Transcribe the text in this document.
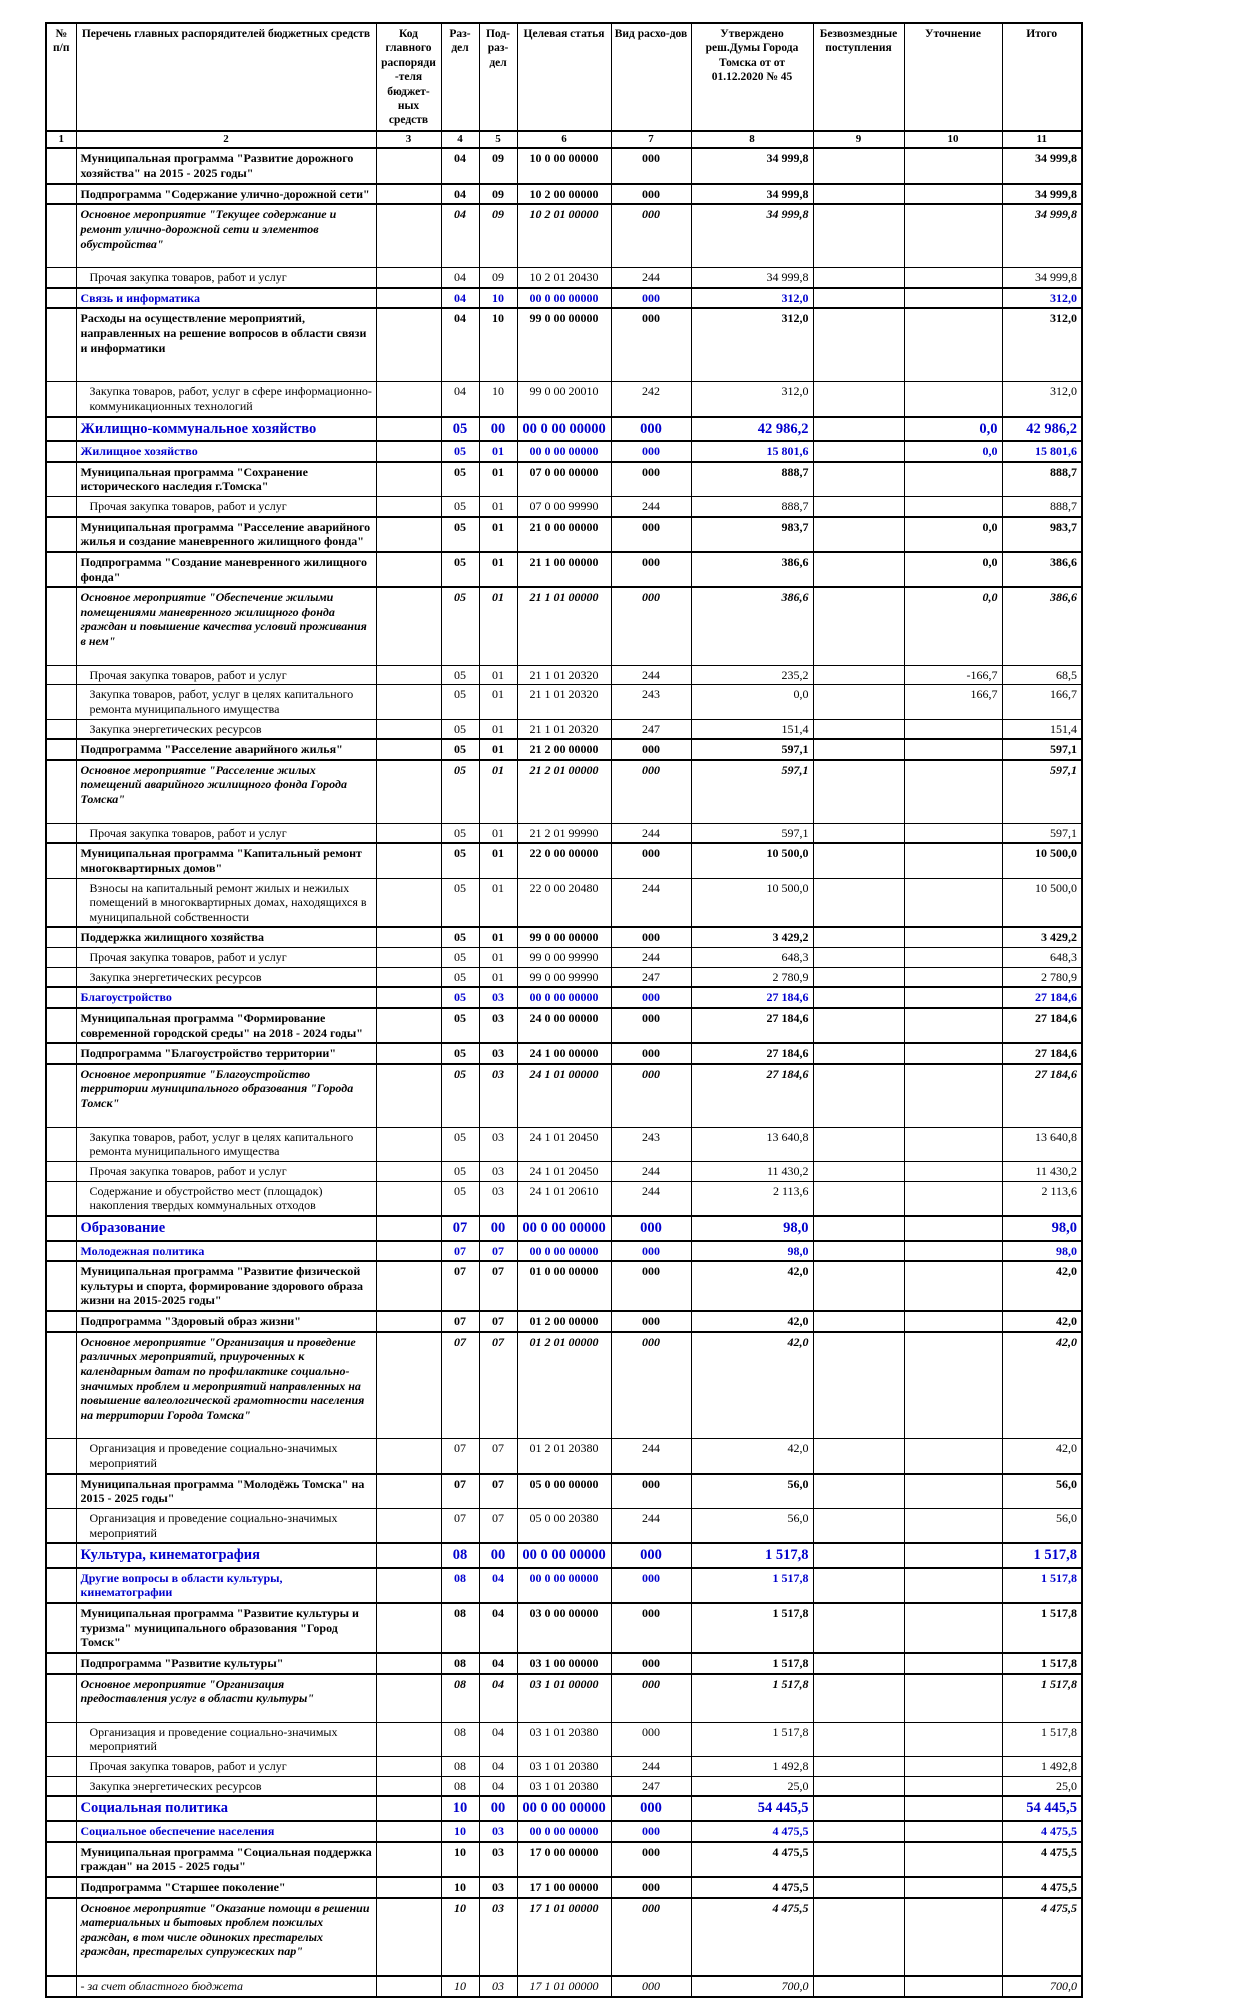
№ п/п	Перечень главных распорядителей бюджетных средств	Код главного распоряди-теля бюджет-ных средств	Раз-дел	Под-раз-дел	Целевая статья	Вид расхо-дов	Утверждено реш.Думы Города Томска от от 01.12.2020 № 45	Безвозмездные поступления	Уточнение	Итого
1	2	3	4	5	6	7	8	9	10	11
	Муниципальная программа "Развитие дорожного хозяйства" на 2015 - 2025 годы"		04	09	10 0 00 00000	000	34 999,8			34 999,8
	Подпрограмма "Содержание улично-дорожной сети"		04	09	10 2 00 00000	000	34 999,8			34 999,8
	Основное мероприятие "Текущее содержание и ремонт улично-дорожной сети и элементов обустройства"		04	09	10 2 01 00000	000	34 999,8			34 999,8
	Прочая закупка товаров, работ и услуг		04	09	10 2 01 20430	244	34 999,8			34 999,8
	Связь и информатика		04	10	00 0 00 00000	000	312,0			312,0
	Расходы на осуществление мероприятий, направленных на решение вопросов в области связи и информатики		04	10	99 0 00 00000	000	312,0			312,0
	Закупка товаров, работ, услуг в сфере информационно-коммуникационных технологий		04	10	99 0 00 20010	242	312,0			312,0
	Жилищно-коммунальное хозяйство		05	00	00 0 00 00000	000	42 986,2		0,0	42 986,2
	Жилищное хозяйство		05	01	00 0 00 00000	000	15 801,6		0,0	15 801,6
	Муниципальная программа "Сохранение исторического наследия г.Томска"		05	01	07 0 00 00000	000	888,7			888,7
	Прочая закупка товаров, работ и услуг		05	01	07 0 00 99990	244	888,7			888,7
	Муниципальная программа "Расселение аварийного жилья и создание маневренного жилищного фонда"		05	01	21 0 00 00000	000	983,7		0,0	983,7
	Подпрограмма "Создание маневренного жилищного фонда"		05	01	21 1 00 00000	000	386,6		0,0	386,6
	Основное мероприятие "Обеспечение жилыми помещениями маневренного жилищного фонда граждан и повышение качества условий проживания в нем"		05	01	21 1 01 00000	000	386,6		0,0	386,6
	Прочая закупка товаров, работ и услуг		05	01	21 1 01 20320	244	235,2		-166,7	68,5
	Закупка товаров, работ, услуг в целях капитального ремонта муниципального имущества		05	01	21 1 01 20320	243	0,0		166,7	166,7
	Закупка энергетических ресурсов		05	01	21 1 01 20320	247	151,4			151,4
	Подпрограмма "Расселение аварийного жилья"		05	01	21 2 00 00000	000	597,1			597,1
	Основное мероприятие "Расселение жилых помещений аварийного жилищного фонда Города Томска"		05	01	21 2 01 00000	000	597,1			597,1
	Прочая закупка товаров, работ и услуг		05	01	21 2 01 99990	244	597,1			597,1
	Муниципальная программа "Капитальный ремонт многоквартирных домов"		05	01	22 0 00 00000	000	10 500,0			10 500,0
	Взносы на капитальный ремонт жилых и нежилых помещений в многоквартирных домах, находящихся в муниципальной собственности		05	01	22 0 00 20480	244	10 500,0			10 500,0
	Поддержка жилищного хозяйства		05	01	99 0 00 00000	000	3 429,2			3 429,2
	Прочая закупка товаров, работ и услуг		05	01	99 0 00 99990	244	648,3			648,3
	Закупка энергетических ресурсов		05	01	99 0 00 99990	247	2 780,9			2 780,9
	Благоустройство		05	03	00 0 00 00000	000	27 184,6			27 184,6
	Муниципальная программа "Формирование современной городской среды" на 2018 - 2024 годы"		05	03	24 0 00 00000	000	27 184,6			27 184,6
	Подпрограмма "Благоустройство территории"		05	03	24 1 00 00000	000	27 184,6			27 184,6
	Основное мероприятие "Благоустройство территории муниципального образования "Города Томск"		05	03	24 1 01 00000	000	27 184,6			27 184,6
	Закупка товаров, работ, услуг в целях капитального ремонта муниципального имущества		05	03	24 1 01 20450	243	13 640,8			13 640,8
	Прочая закупка товаров, работ и услуг		05	03	24 1 01 20450	244	11 430,2			11 430,2
	Содержание и обустройство мест (площадок) накопления твердых коммунальных отходов		05	03	24 1 01 20610	244	2 113,6			2 113,6
	Образование		07	00	00 0 00 00000	000	98,0			98,0
	Молодежная политика		07	07	00 0 00 00000	000	98,0			98,0
	Муниципальная программа "Развитие физической культуры и спорта, формирование здорового образа жизни на 2015-2025 годы"		07	07	01 0 00 00000	000	42,0			42,0
	Подпрограмма "Здоровый образ жизни"		07	07	01 2 00 00000	000	42,0			42,0
	Основное мероприятие "Организация и проведение различных мероприятий, приуроченных к календарным датам по профилактике социально-значимых проблем и мероприятий направленных на повышение валеологической грамотности населения на территории Города Томска"		07	07	01 2 01 00000	000	42,0			42,0
	Организация и проведение социально-значимых мероприятий		07	07	01 2 01 20380	244	42,0			42,0
	Муниципальная программа "Молодёжь Томска" на 2015 - 2025 годы"		07	07	05 0 00 00000	000	56,0			56,0
	Организация и проведение социально-значимых мероприятий		07	07	05 0 00 20380	244	56,0			56,0
	Культура, кинематография		08	00	00 0 00 00000	000	1 517,8			1 517,8
	Другие вопросы в области культуры, кинематографии		08	04	00 0 00 00000	000	1 517,8			1 517,8
	Муниципальная программа "Развитие культуры и туризма" муниципального образования "Город Томск"		08	04	03 0 00 00000	000	1 517,8			1 517,8
	Подпрограмма "Развитие культуры"		08	04	03 1 00 00000	000	1 517,8			1 517,8
	Основное мероприятие "Организация предоставления услуг в области культуры"		08	04	03 1 01 00000	000	1 517,8			1 517,8
	Организация и проведение социально-значимых мероприятий		08	04	03 1 01 20380	000	1 517,8			1 517,8
	Прочая закупка товаров, работ и услуг		08	04	03 1 01 20380	244	1 492,8			1 492,8
	Закупка энергетических ресурсов		08	04	03 1 01 20380	247	25,0			25,0
	Социальная политика		10	00	00 0 00 00000	000	54 445,5			54 445,5
	Социальное обеспечение населения		10	03	00 0 00 00000	000	4 475,5			4 475,5
	Муниципальная программа "Социальная поддержка граждан" на 2015 - 2025 годы"		10	03	17 0 00 00000	000	4 475,5			4 475,5
	Подпрограмма "Старшее поколение"		10	03	17 1 00 00000	000	4 475,5			4 475,5
	Основное мероприятие "Оказание помощи в решении материальных и бытовых проблем пожилых граждан, в том числе одиноких престарелых граждан, престарелых супружеских пар"		10	03	17 1 01 00000	000	4 475,5			4 475,5
	- за счет областного бюджета		10	03	17 1 01 00000	000	700,0			700,0
